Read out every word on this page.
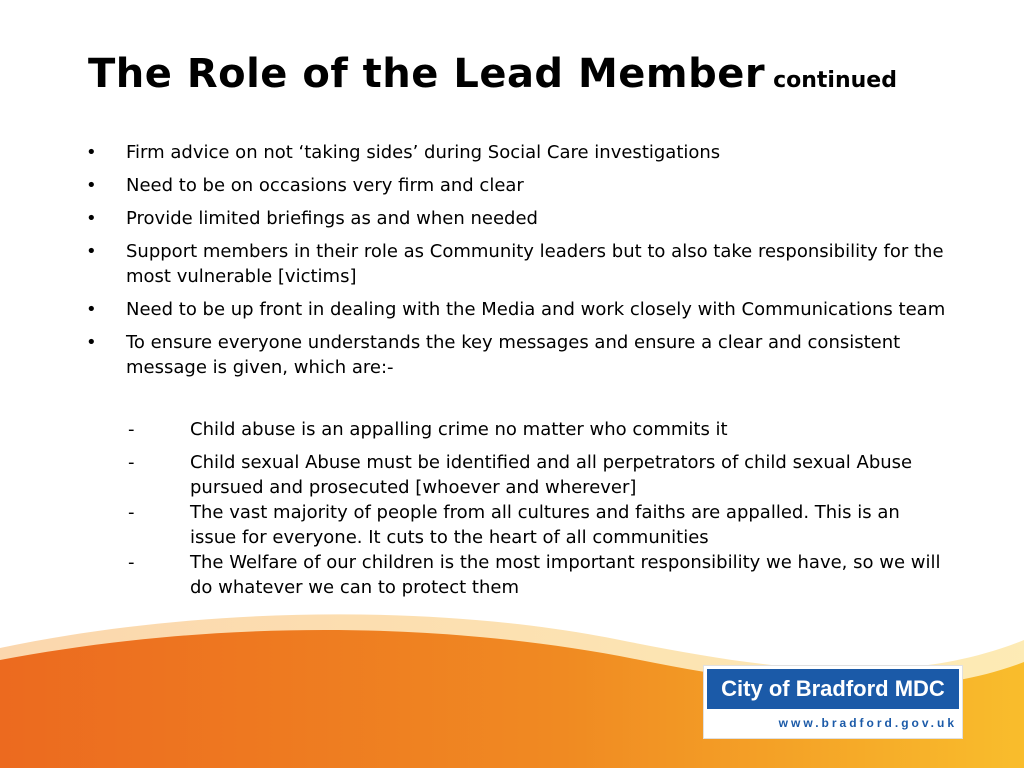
The Role of the Lead Member continued
• Firm advice on not ‘taking sides’ during Social Care investigations
• Need to be on occasions very firm and clear
• Provide limited briefings as and when needed
• Support members in their role as Community leaders but to also take responsibility for the most vulnerable [victims]
• Need to be up front in dealing with the Media and work closely with Communications team
• To ensure everyone understands the key messages and ensure a clear and consistent message is given, which are:-
-	Child abuse is an appalling crime no matter who commits it
-	Child sexual Abuse must be identified and all perpetrators of child sexual Abuse pursued and prosecuted [whoever and wherever]
-	The vast majority of people from all cultures and faiths are appalled. This is an issue for everyone. It cuts to the heart of all communities
-	The Welfare of our children is the most important responsibility we have, so we will do whatever we can to protect them
City of Bradford MDC
www.bradford.gov.uk
